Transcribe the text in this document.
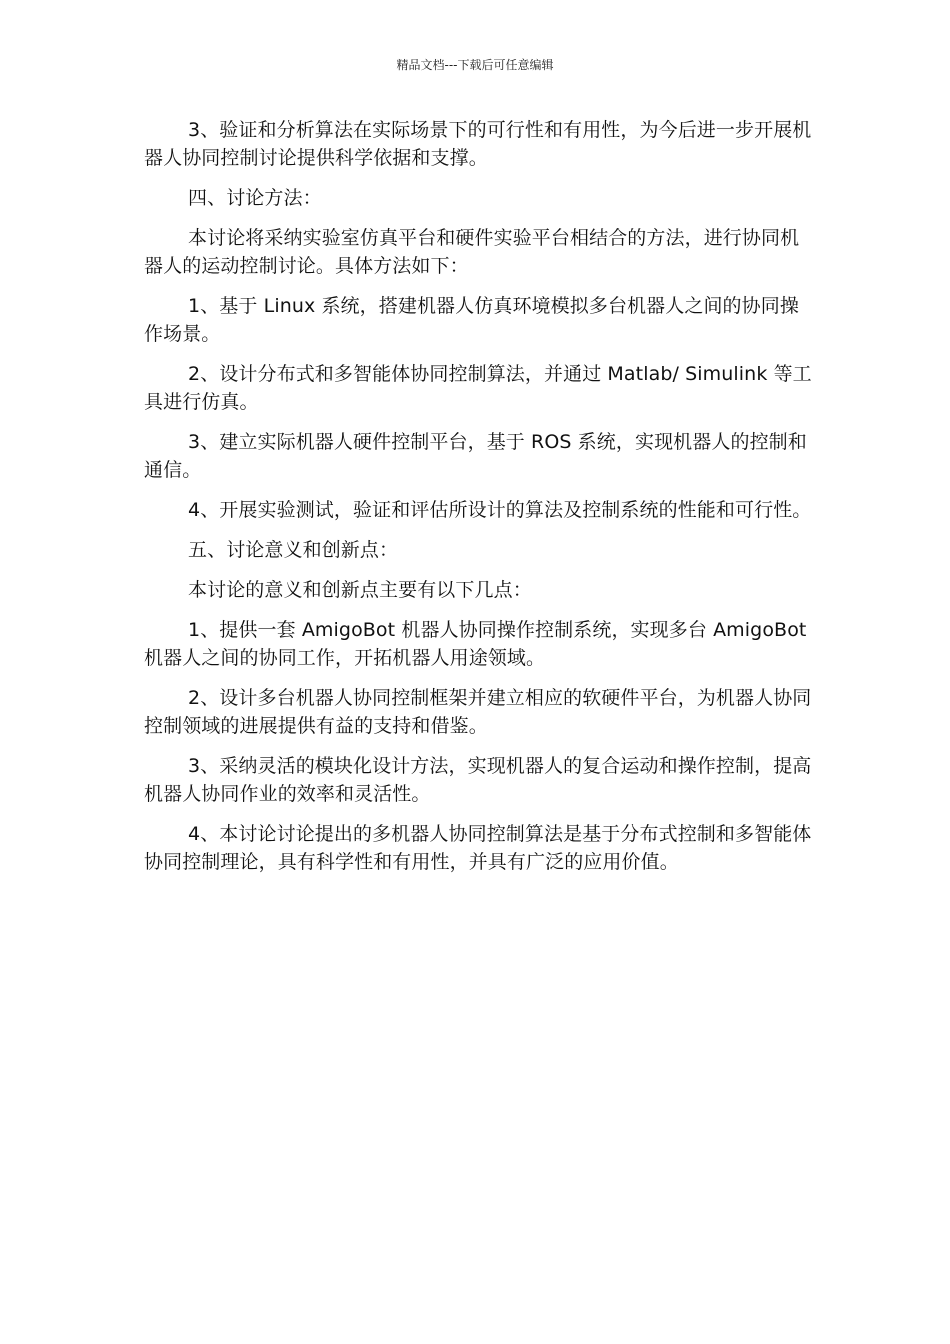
精品文档---下载后可任意编辑

3、验证和分析算法在实际场景下的可行性和有用性，为今后进一步开展机器人协同控制讨论提供科学依据和支撑。

四、讨论方法：

本讨论将采纳实验室仿真平台和硬件实验平台相结合的方法，进行协同机器人的运动控制讨论。具体方法如下：

1、基于 Linux 系统，搭建机器人仿真环境模拟多台机器人之间的协同操作场景。

2、设计分布式和多智能体协同控制算法，并通过 Matlab/ Simulink 等工具进行仿真。

3、建立实际机器人硬件控制平台，基于 ROS 系统，实现机器人的控制和通信。

4、开展实验测试，验证和评估所设计的算法及控制系统的性能和可行性。

五、讨论意义和创新点：

本讨论的意义和创新点主要有以下几点：

1、提供一套 AmigoBot 机器人协同操作控制系统，实现多台 AmigoBot 机器人之间的协同工作，开拓机器人用途领域。

2、设计多台机器人协同控制框架并建立相应的软硬件平台，为机器人协同控制领域的进展提供有益的支持和借鉴。

3、采纳灵活的模块化设计方法，实现机器人的复合运动和操作控制，提高机器人协同作业的效率和灵活性。

4、本讨论讨论提出的多机器人协同控制算法是基于分布式控制和多智能体协同控制理论，具有科学性和有用性，并具有广泛的应用价值。
